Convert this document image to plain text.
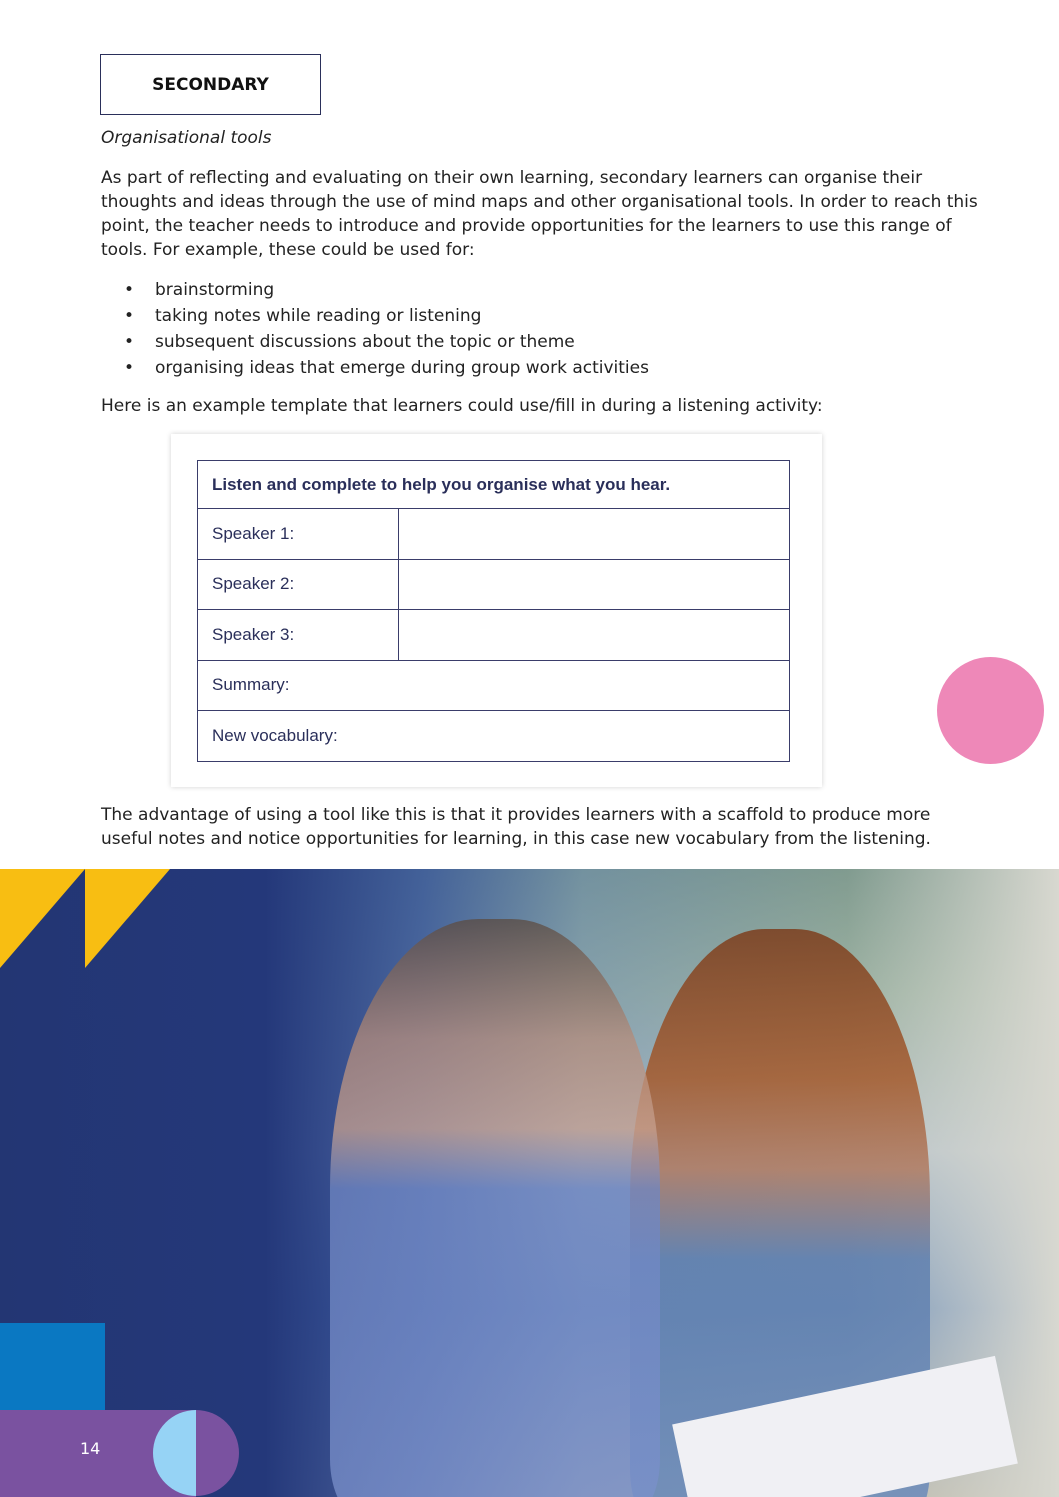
SECONDARY
Organisational tools

As part of reflecting and evaluating on their own learning, secondary learners can organise their thoughts and ideas through the use of mind maps and other organisational tools. In order to reach this point, the teacher needs to introduce and provide opportunities for the learners to use this range of tools. For example, these could be used for:

• brainstorming
• taking notes while reading or listening
• subsequent discussions about the topic or theme
• organising ideas that emerge during group work activities

Here is an example template that learners could use/fill in during a listening activity:

Listen and complete to help you organise what you hear.	
Speaker 1:	
Speaker 2:	
Speaker 3:	
Summary:	
New vocabulary:	

The advantage of using a tool like this is that it provides learners with a scaffold to produce more useful notes and notice opportunities for learning, in this case new vocabulary from the listening.

14
